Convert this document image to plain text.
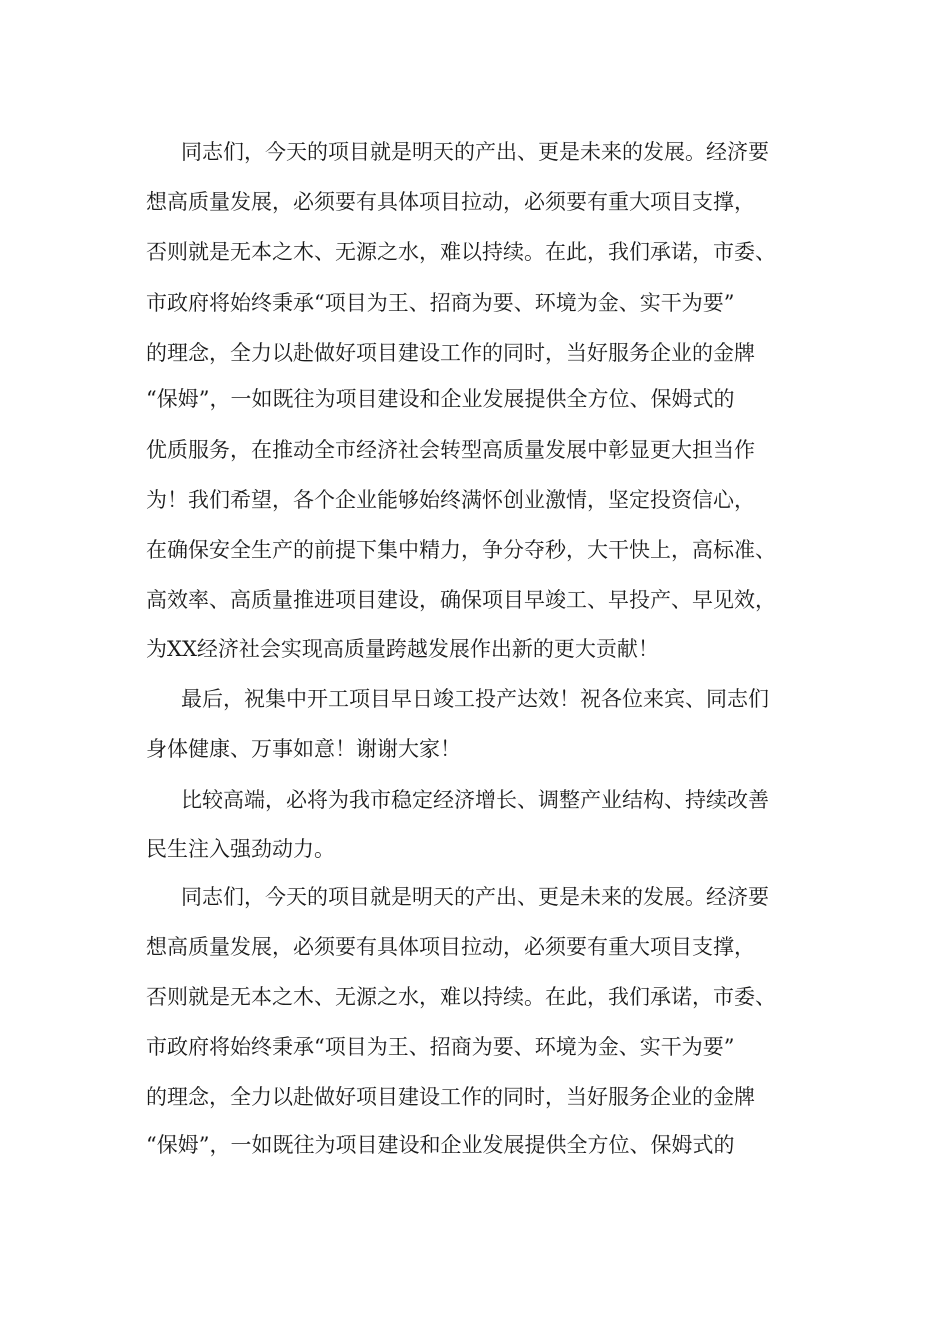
同志们，今天的项目就是明天的产出、更是未来的发展。经济要

想高质量发展，必须要有具体项目拉动，必须要有重大项目支撑，

否则就是无本之木、无源之水，难以持续。在此，我们承诺，市委、

市政府将始终秉承“项目为王、招商为要、环境为金、实干为要”

的理念，全力以赴做好项目建设工作的同时，当好服务企业的金牌

“保姆”，一如既往为项目建设和企业发展提供全方位、保姆式的

优质服务，在推动全市经济社会转型高质量发展中彰显更大担当作

为！我们希望，各个企业能够始终满怀创业激情，坚定投资信心，

在确保安全生产的前提下集中精力，争分夺秒，大干快上，高标准、

高效率、高质量推进项目建设，确保项目早竣工、早投产、早见效，

为XX经济社会实现高质量跨越发展作出新的更大贡献！

最后，祝集中开工项目早日竣工投产达效！祝各位来宾、同志们

身体健康、万事如意！谢谢大家！

比较高端，必将为我市稳定经济增长、调整产业结构、持续改善

民生注入强劲动力。

同志们，今天的项目就是明天的产出、更是未来的发展。经济要

想高质量发展，必须要有具体项目拉动，必须要有重大项目支撑，

否则就是无本之木、无源之水，难以持续。在此，我们承诺，市委、

市政府将始终秉承“项目为王、招商为要、环境为金、实干为要”

的理念，全力以赴做好项目建设工作的同时，当好服务企业的金牌

“保姆”，一如既往为项目建设和企业发展提供全方位、保姆式的
